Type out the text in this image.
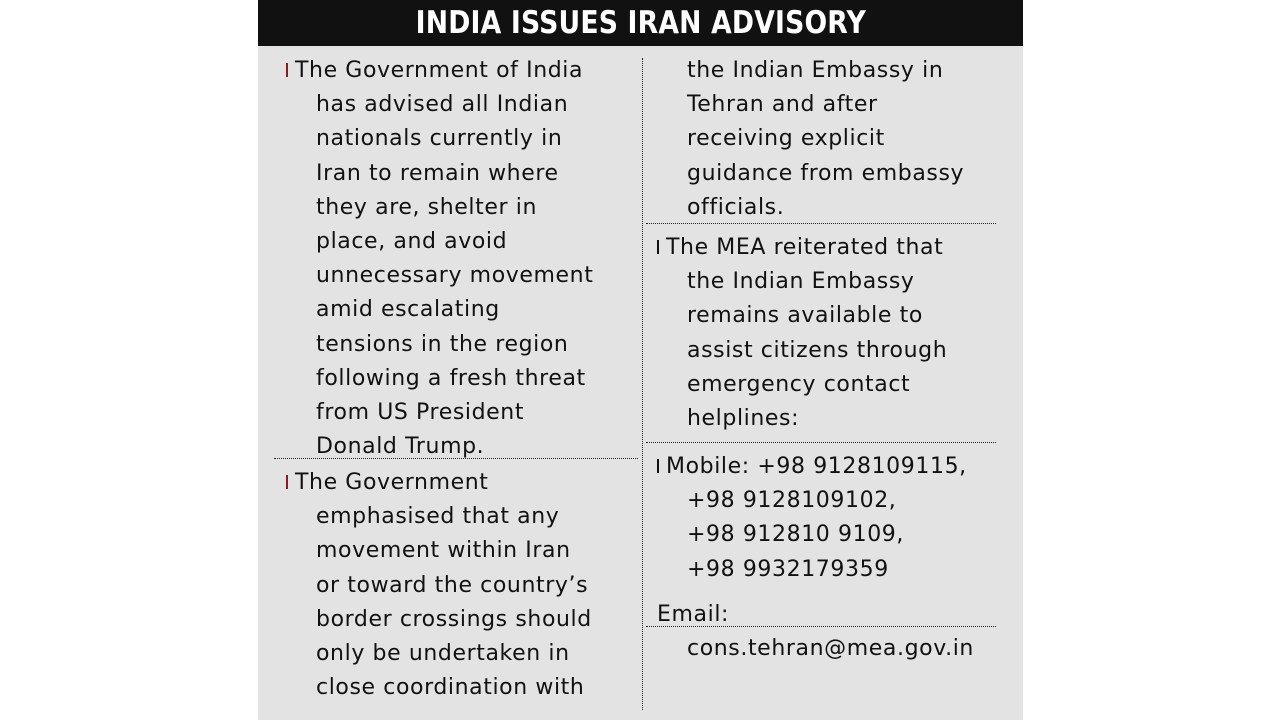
INDIA ISSUES IRAN ADVISORY

The Government of India
has advised all Indian
nationals currently in
Iran to remain where
they are, shelter in
place, and avoid
unnecessary movement
amid escalating
tensions in the region
following a fresh threat
from US President
Donald Trump.

The Government
emphasised that any
movement within Iran
or toward the country’s
border crossings should
only be undertaken in
close coordination with

the Indian Embassy in
Tehran and after
receiving explicit
guidance from embassy
officials.

The MEA reiterated that
the Indian Embassy
remains available to
assist citizens through
emergency contact
helplines:

Mobile: +98 9128109115,
+98 9128109102,
+98 912810 9109,
+98 9932179359

Email:

cons.tehran@mea.gov.in
